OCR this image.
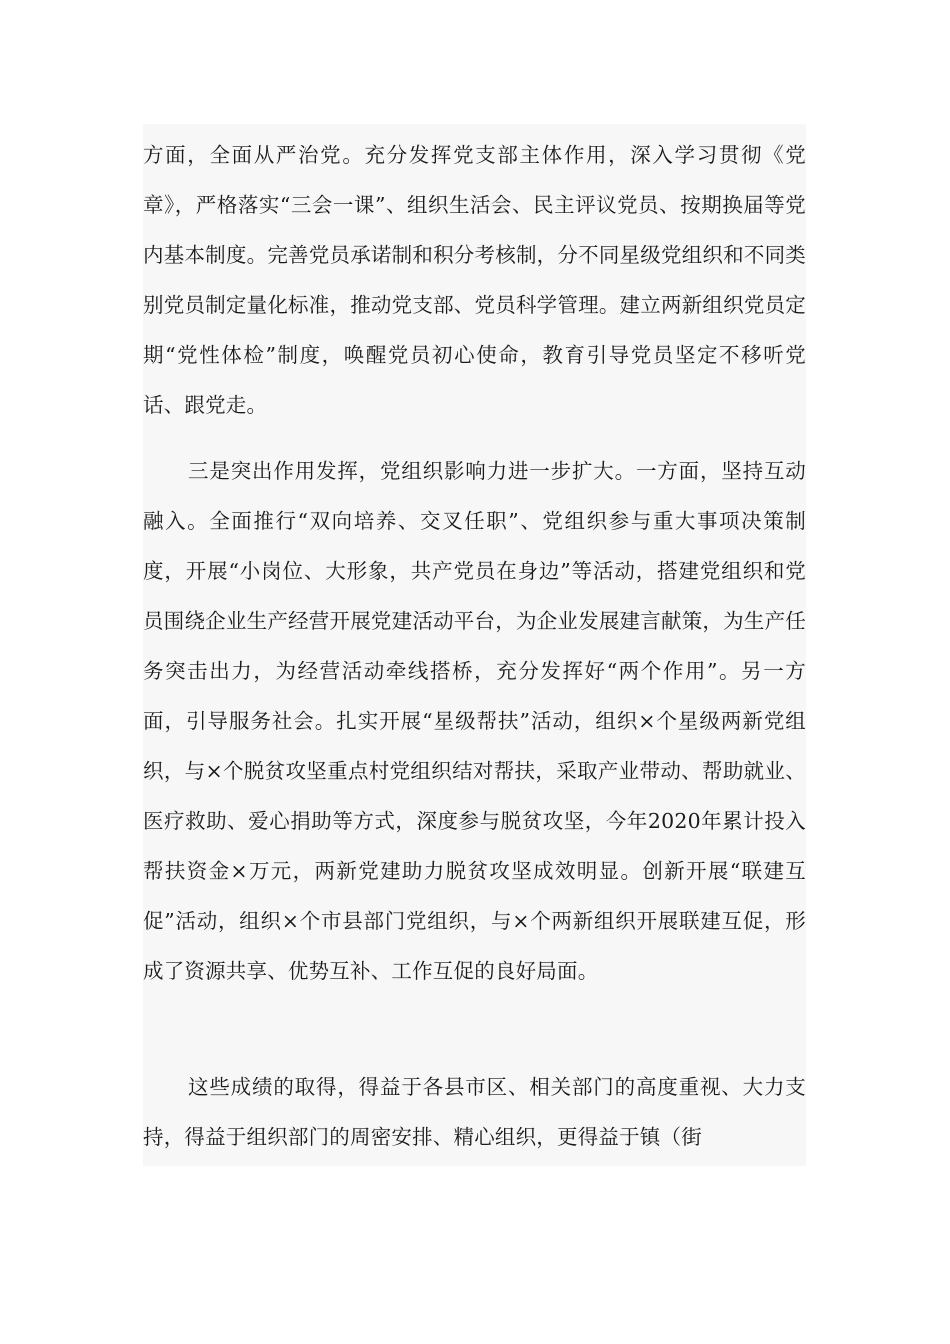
方面，全面从严治党。充分发挥党支部主体作用，深入学习贯彻《党章》，严格落实“三会一课”、组织生活会、民主评议党员、按期换届等党内基本制度。完善党员承诺制和积分考核制，分不同星级党组织和不同类别党员制定量化标准，推动党支部、党员科学管理。建立两新组织党员定期“党性体检”制度，唤醒党员初心使命，教育引导党员坚定不移听党话、跟党走。

三是突出作用发挥，党组织影响力进一步扩大。一方面，坚持互动融入。全面推行“双向培养、交叉任职”、党组织参与重大事项决策制度，开展“小岗位、大形象，共产党员在身边”等活动，搭建党组织和党员围绕企业生产经营开展党建活动平台，为企业发展建言献策，为生产任务突击出力，为经营活动牵线搭桥，充分发挥好“两个作用”。另一方面，引导服务社会。扎实开展“星级帮扶”活动，组织×个星级两新党组织，与×个脱贫攻坚重点村党组织结对帮扶，采取产业带动、帮助就业、医疗救助、爱心捐助等方式，深度参与脱贫攻坚，今年2020年累计投入帮扶资金×万元，两新党建助力脱贫攻坚成效明显。创新开展“联建互促”活动，组织×个市县部门党组织，与×个两新组织开展联建互促，形成了资源共享、优势互补、工作互促的良好局面。

这些成绩的取得，得益于各县市区、相关部门的高度重视、大力支持，得益于组织部门的周密安排、精心组织，更得益于镇（街
